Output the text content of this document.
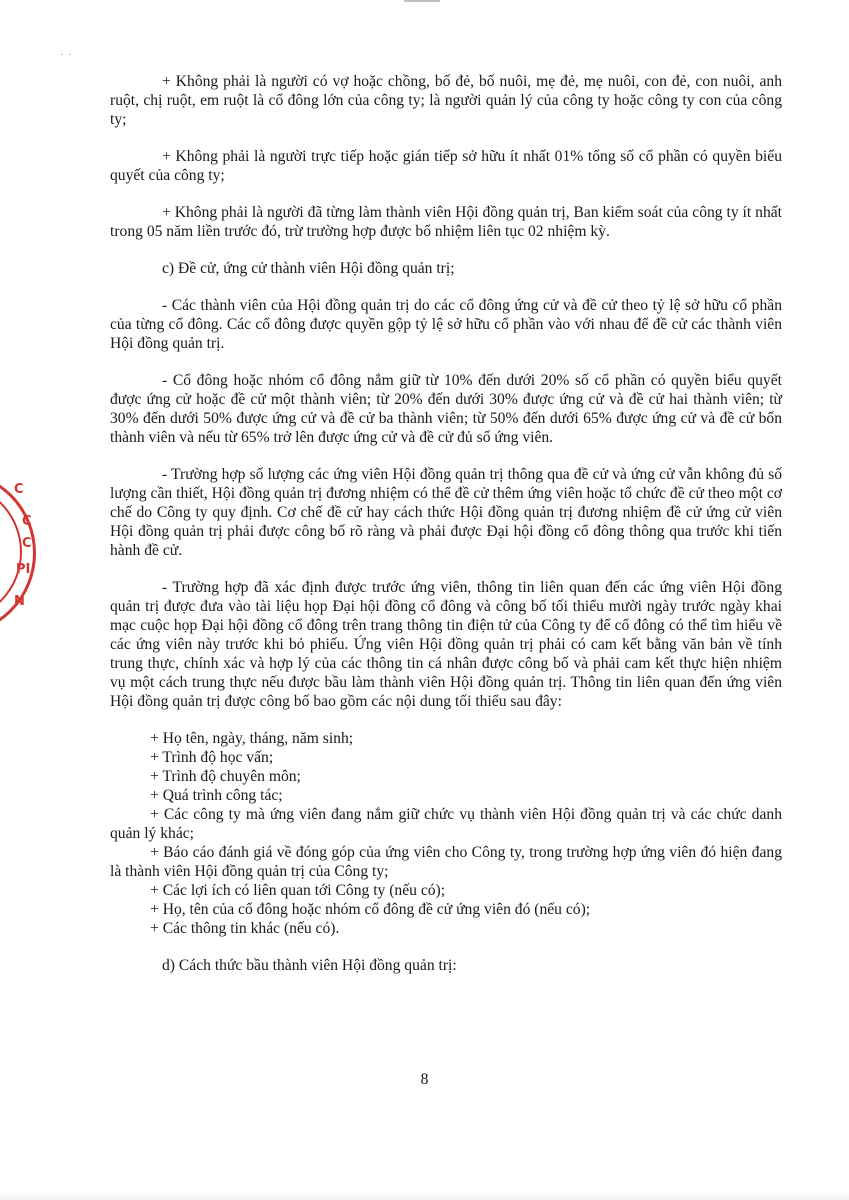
·  ·
C
C
C
PI
N

+ Không phải là người có vợ hoặc chồng, bố đẻ, bố nuôi, mẹ đẻ, mẹ nuôi, con đẻ, con nuôi, anh ruột, chị ruột, em ruột là cổ đông lớn của công ty; là người quản lý của công ty hoặc công ty con của công ty;

+ Không phải là người trực tiếp hoặc gián tiếp sở hữu ít nhất 01% tổng số cổ phần có quyền biểu quyết của công ty;

+ Không phải là người đã từng làm thành viên Hội đồng quản trị, Ban kiểm soát của công ty ít nhất trong 05 năm liền trước đó, trừ trường hợp được bổ nhiệm liên tục 02 nhiệm kỳ.

c) Đề cử, ứng cử thành viên Hội đồng quản trị;

- Các thành viên của Hội đồng quản trị do các cổ đông ứng cử và đề cử theo tỷ lệ sở hữu cổ phần của từng cổ đông. Các cổ đông được quyền gộp tỷ lệ sở hữu cổ phần vào với nhau để đề cử các thành viên Hội đồng quản trị.

- Cổ đông hoặc nhóm cổ đông nắm giữ từ 10% đến dưới 20% số cổ phần có quyền biểu quyết được ứng cử hoặc đề cử một thành viên; từ 20% đến dưới 30% được ứng cử và đề cử hai thành viên; từ 30% đến dưới 50% được ứng cử và đề cử ba thành viên; từ 50% đến dưới 65% được ứng cử và đề cử bốn thành viên và nếu từ 65% trở lên được ứng cử và đề cử đủ số ứng viên.

- Trường hợp số lượng các ứng viên Hội đồng quản trị thông qua đề cử và ứng cử vẫn không đủ số lượng cần thiết, Hội đồng quản trị đương nhiệm có thể đề cử thêm ứng viên hoặc tổ chức đề cử theo một cơ chế do Công ty quy định. Cơ chế đề cử hay cách thức Hội đồng quản trị đương nhiệm đề cử ứng cử viên Hội đồng quản trị phải được công bố rõ ràng và phải được Đại hội đồng cổ đông thông qua trước khi tiến hành đề cử.

- Trường hợp đã xác định được trước ứng viên, thông tin liên quan đến các ứng viên Hội đồng quản trị được đưa vào tài liệu họp Đại hội đồng cổ đông và công bố tối thiểu mười ngày trước ngày khai mạc cuộc họp Đại hội đồng cổ đông trên trang thông tin điện tử của Công ty để cổ đông có thể tìm hiểu về các ứng viên này trước khi bỏ phiếu. Ứng viên Hội đồng quản trị phải có cam kết bằng văn bản về tính trung thực, chính xác và hợp lý của các thông tin cá nhân được công bố và phải cam kết thực hiện nhiệm vụ một cách trung thực nếu được bầu làm thành viên Hội đồng quản trị. Thông tin liên quan đến ứng viên Hội đồng quản trị được công bố bao gồm các nội dung tối thiểu sau đây:

+ Họ tên, ngày, tháng, năm sinh;

+ Trình độ học vấn;

+ Trình độ chuyên môn;

+ Quá trình công tác;

+ Các công ty mà ứng viên đang nắm giữ chức vụ thành viên Hội đồng quản trị và các chức danh quản lý khác;

+ Báo cáo đánh giá về đóng góp của ứng viên cho Công ty, trong trường hợp ứng viên đó hiện đang là thành viên Hội đồng quản trị của Công ty;

+ Các lợi ích có liên quan tới Công ty (nếu có);

+ Họ, tên của cổ đông hoặc nhóm cổ đông đề cử ứng viên đó (nếu có);

+ Các thông tin khác (nếu có).

d) Cách thức bầu thành viên Hội đồng quản trị:

8
